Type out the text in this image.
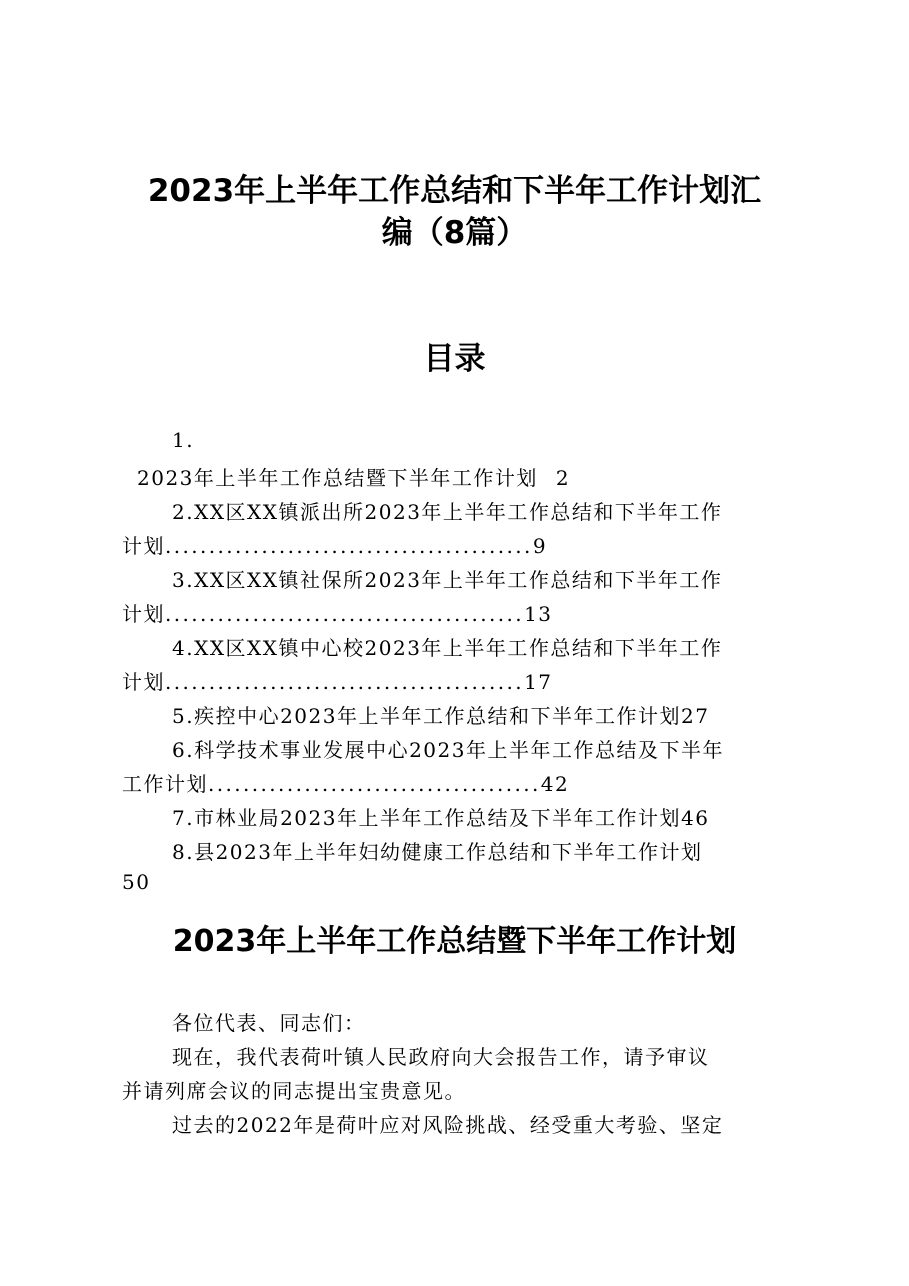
2023年上半年工作总结和下半年工作计划汇
编（8篇）
目录
1.
2023年上半年工作总结暨下半年工作计划 2
2.XX区XX镇派出所2023年上半年工作总结和下半年工作
计划..........................................9
3.XX区XX镇社保所2023年上半年工作总结和下半年工作
计划.........................................13
4.XX区XX镇中心校2023年上半年工作总结和下半年工作
计划.........................................17
5.疾控中心2023年上半年工作总结和下半年工作计划27
6.科学技术事业发展中心2023年上半年工作总结及下半年
工作计划......................................42
7.市林业局2023年上半年工作总结及下半年工作计划46
8.县2023年上半年妇幼健康工作总结和下半年工作计划
50
2023年上半年工作总结暨下半年工作计划
各位代表、同志们：
现在，我代表荷叶镇人民政府向大会报告工作，请予审议
并请列席会议的同志提出宝贵意见。
过去的2022年是荷叶应对风险挑战、经受重大考验、坚定
